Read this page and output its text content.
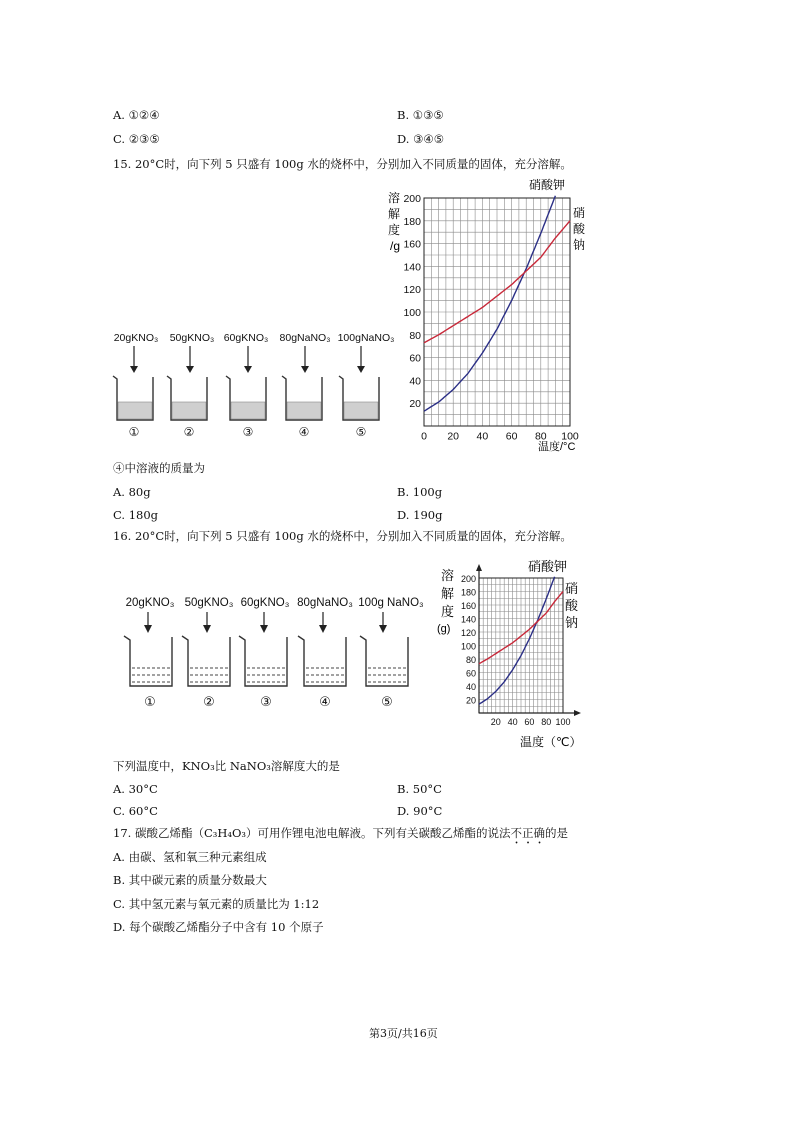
A. ①②④	B. ①③⑤
C. ②③⑤	D. ③④⑤
15. 20°C时，向下列 5 只盛有 100g 水的烧杯中，分别加入不同质量的固体，充分溶解。
20gKNO₃ 50gKNO₃ 60gKNO₃ 80gNaNO₃ 100gNaNO₃
①	②	③	④	⑤
溶
解
度
/g
硝酸钾
硝
酸
钠
温度/°C
20
40
60
80
100
120
140
160
180
200
0 20 40 60 80 100
④中溶液的质量为
A. 80g	B. 100g
C. 180g	D. 190g
16. 20°C时，向下列 5 只盛有 100g 水的烧杯中，分别加入不同质量的固体，充分溶解。
20gKNO₃ 50gKNO₃ 60gKNO₃ 80gNaNO₃ 100g NaNO₃
①	②	③	④	⑤
溶
解
度
(g)
硝酸钾
硝
酸
钠
温度（℃）
20
40
60
80
100
120
140
160
180
200
20 40 60 80 100
下列温度中，KNO₃比 NaNO₃溶解度大的是
A. 30°C	B. 50°C
C. 60°C	D. 90°C
17. 碳酸乙烯酯（C₃H₄O₃）可用作锂电池电解液。下列有关碳酸乙烯酯的说法不正确的是
A. 由碳、氢和氧三种元素组成
B. 其中碳元素的质量分数最大
C. 其中氢元素与氧元素的质量比为 1:12
D. 每个碳酸乙烯酯分子中含有 10 个原子
第3页/共16页
